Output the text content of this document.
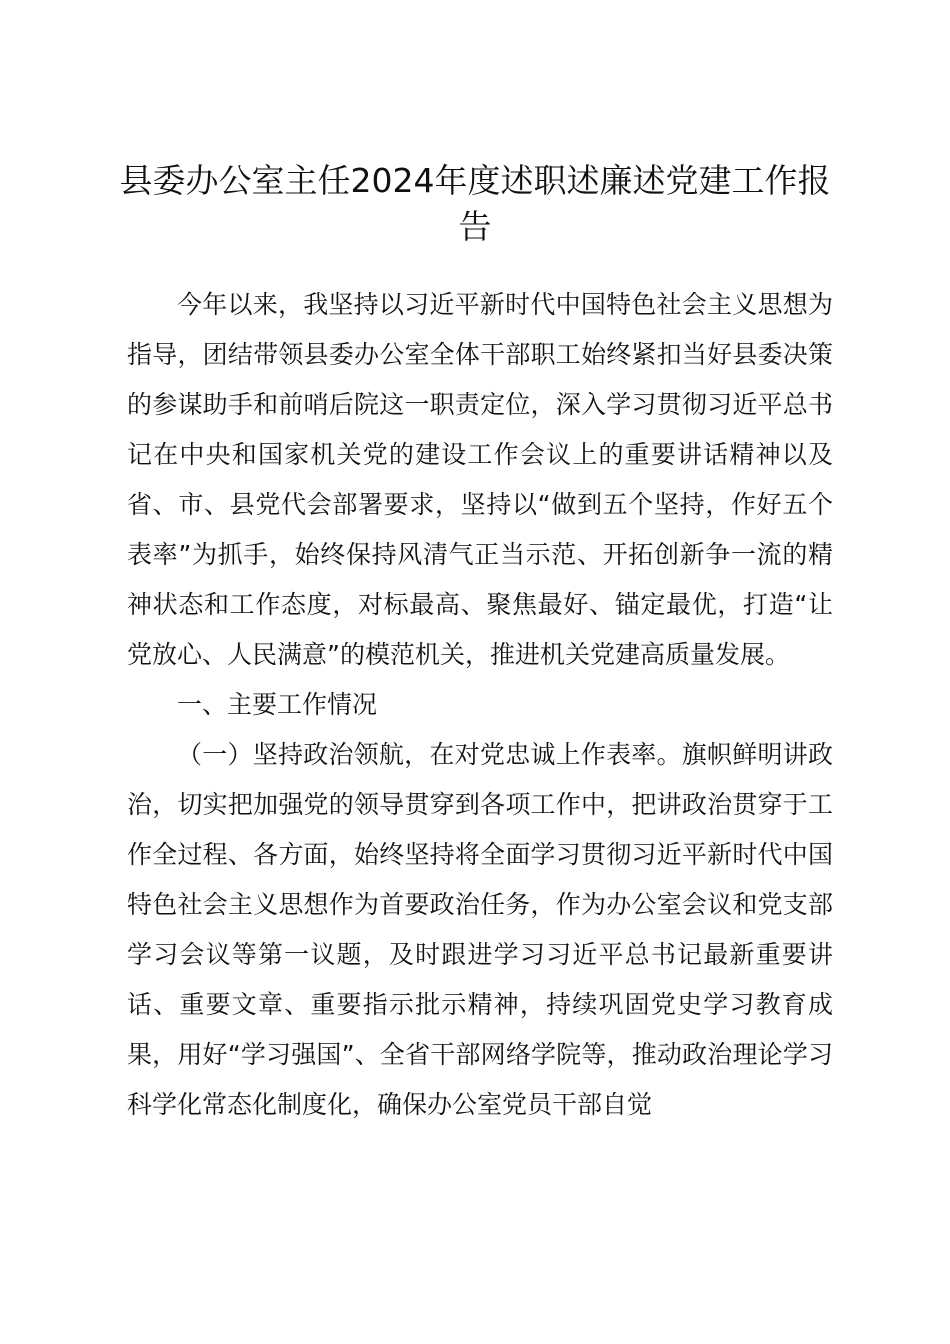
县委办公室主任2024年度述职述廉述党建工作报告

今年以来，我坚持以习近平新时代中国特色社会主义思想为指导，团结带领县委办公室全体干部职工始终紧扣当好县委决策的参谋助手和前哨后院这一职责定位，深入学习贯彻习近平总书记在中央和国家机关党的建设工作会议上的重要讲话精神以及省、市、县党代会部署要求，坚持以“做到五个坚持，作好五个表率”为抓手，始终保持风清气正当示范、开拓创新争一流的精神状态和工作态度，对标最高、聚焦最好、锚定最优，打造“让党放心、人民满意”的模范机关，推进机关党建高质量发展。

一、主要工作情况

（一）坚持政治领航，在对党忠诚上作表率。旗帜鲜明讲政治，切实把加强党的领导贯穿到各项工作中，把讲政治贯穿于工作全过程、各方面，始终坚持将全面学习贯彻习近平新时代中国特色社会主义思想作为首要政治任务，作为办公室会议和党支部学习会议等第一议题，及时跟进学习习近平总书记最新重要讲话、重要文章、重要指示批示精神，持续巩固党史学习教育成果，用好“学习强国”、全省干部网络学院等，推动政治理论学习科学化常态化制度化，确保办公室党员干部自觉
